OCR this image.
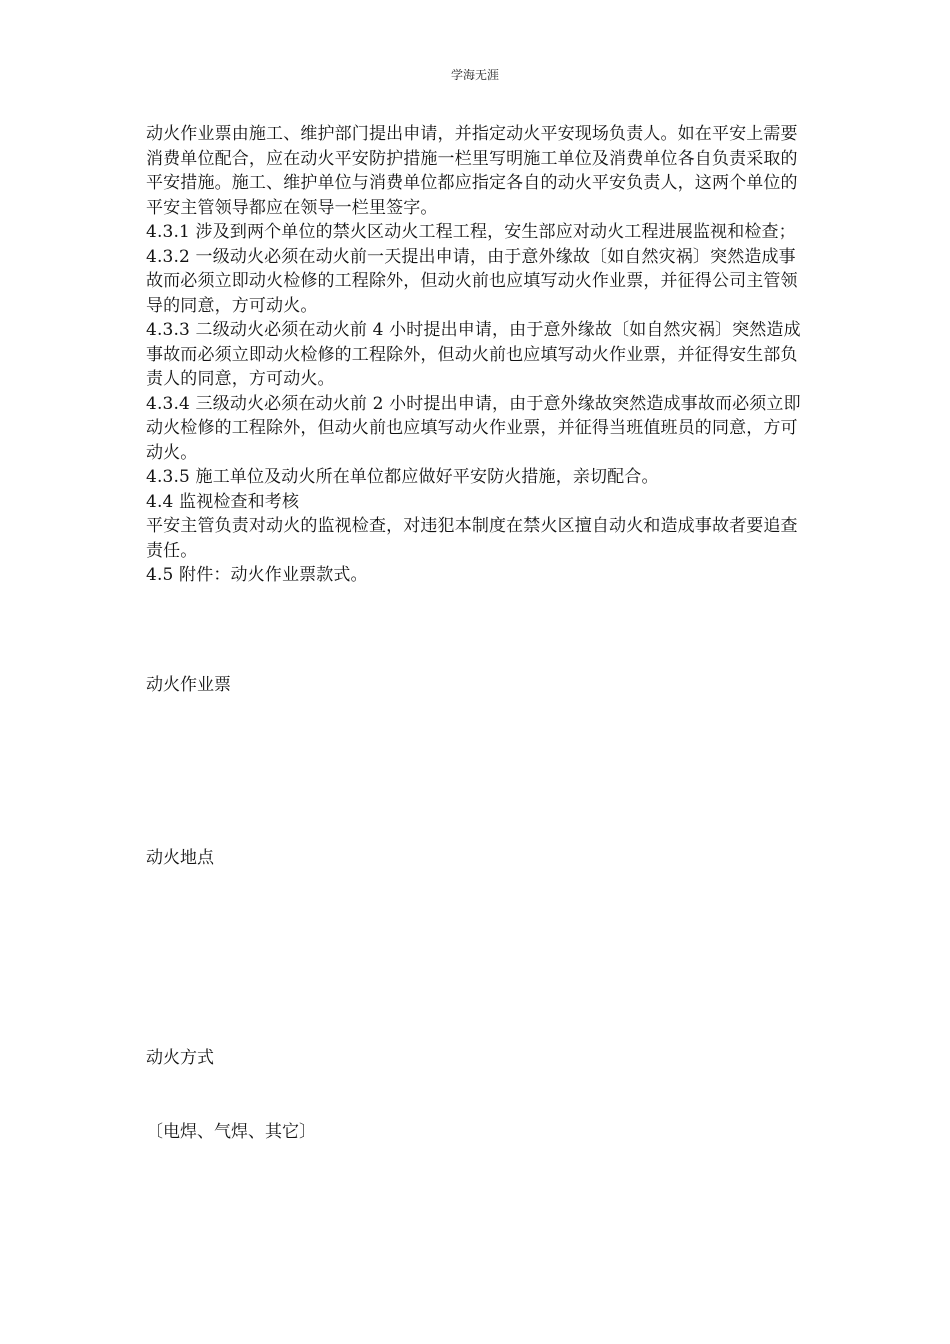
学海无涯

动火作业票由施工、维护部门提出申请，并指定动火平安现场负责人。如在平安上需要消费单位配合，应在动火平安防护措施一栏里写明施工单位及消费单位各自负责采取的平安措施。施工、维护单位与消费单位都应指定各自的动火平安负责人，这两个单位的平安主管领导都应在领导一栏里签字。

4.3.1 涉及到两个单位的禁火区动火工程工程，安生部应对动火工程进展监视和检查；

4.3.2 一级动火必须在动火前一天提出申请，由于意外缘故〔如自然灾祸〕突然造成事故而必须立即动火检修的工程除外，但动火前也应填写动火作业票，并征得公司主管领导的同意，方可动火。

4.3.3 二级动火必须在动火前 4 小时提出申请，由于意外缘故〔如自然灾祸〕突然造成事故而必须立即动火检修的工程除外，但动火前也应填写动火作业票，并征得安生部负责人的同意，方可动火。

4.3.4 三级动火必须在动火前 2 小时提出申请，由于意外缘故突然造成事故而必须立即动火检修的工程除外，但动火前也应填写动火作业票，并征得当班值班员的同意，方可动火。

4.3.5 施工单位及动火所在单位都应做好平安防火措施，亲切配合。

4.4 监视检查和考核

平安主管负责对动火的监视检查，对违犯本制度在禁火区擅自动火和造成事故者要追查责任。

4.5 附件：动火作业票款式。

动火作业票
动火地点
动火方式
〔电焊、气焊、其它〕
